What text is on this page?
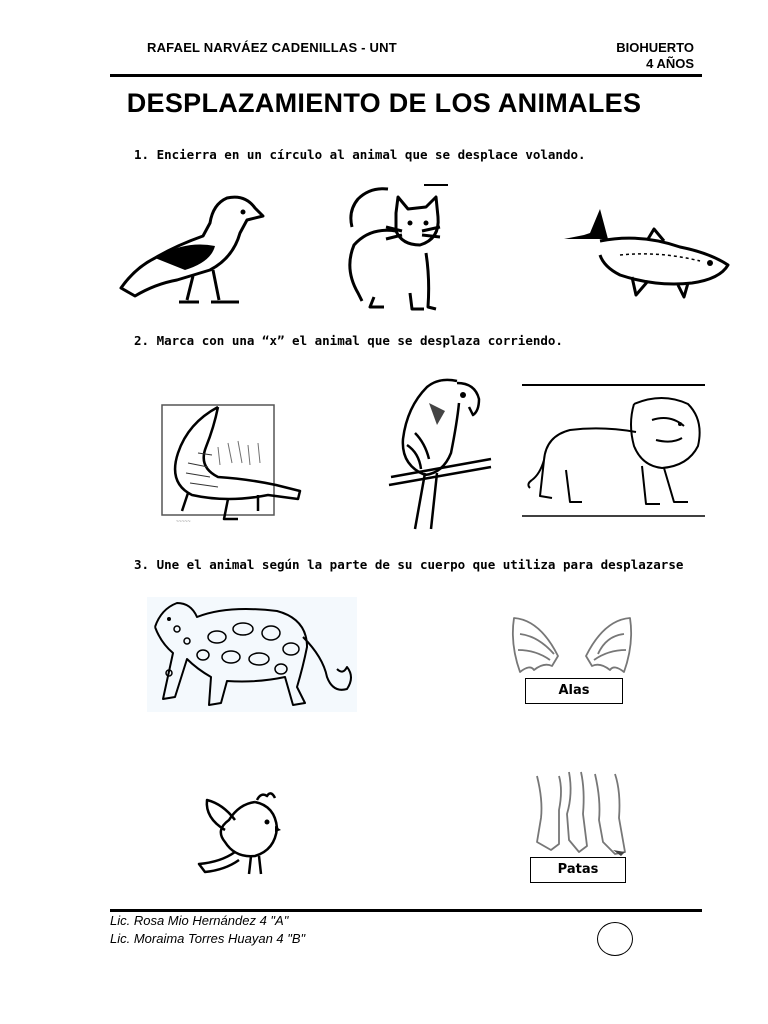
RAFAEL NARVÁEZ CADENILLAS - UNT	BIOHUERTO
4 AÑOS
DESPLAZAMIENTO DE LOS ANIMALES
1. Encierra en un círculo al animal que se desplace volando.
2. Marca con una “x” el animal que se desplaza corriendo.
~~~~~
3. Une el animal según la parte de su cuerpo que utiliza para desplazarse
Alas
Patas
Lic. Rosa Mio Hernández 4 "A"
Lic. Moraima Torres Huayan 4 "B"
